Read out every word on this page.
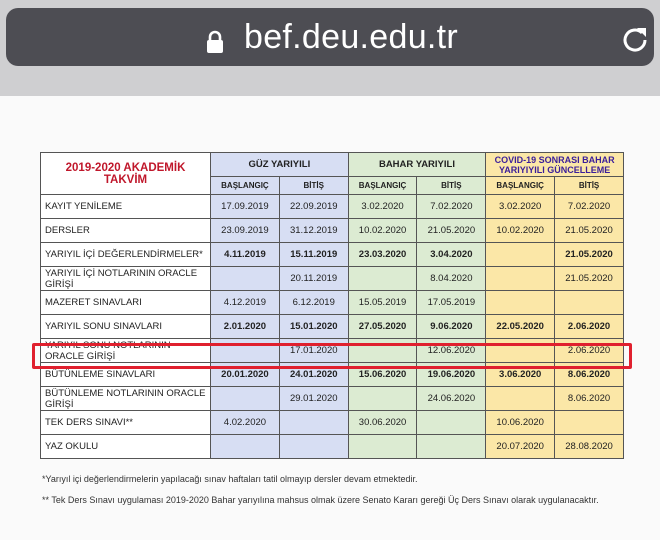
bef.deu.edu.tr
2019-2020 AKADEMİK TAKVİM	GÜZ YARIYILI		BAHAR YARIYILI		COVID-19 SONRASI BAHAR YARIYIYILI GÜNCELLEME	
	BAŞLANGIÇ	BİTİŞ	BAŞLANGIÇ	BİTİŞ	BAŞLANGIÇ	BİTİŞ
KAYIT YENİLEME	17.09.2019	22.09.2019	3.02.2020	7.02.2020	3.02.2020	7.02.2020
DERSLER	23.09.2019	31.12.2019	10.02.2020	21.05.2020	10.02.2020	21.05.2020
YARIYIL İÇİ DEĞERLENDİRMELER*	4.11.2019	15.11.2019	23.03.2020	3.04.2020		21.05.2020
YARIYIL İÇİ NOTLARININ ORACLE GİRİŞİ		20.11.2019		8.04.2020		21.05.2020
MAZERET SINAVLARI	4.12.2019	6.12.2019	15.05.2019	17.05.2019		
YARIYIL SONU SINAVLARI	2.01.2020	15.01.2020	27.05.2020	9.06.2020	22.05.2020	2.06.2020
YARIYIL SONU NOTLARININ ORACLE GİRİŞİ		17.01.2020		12.06.2020		2.06.2020
BÜTÜNLEME SINAVLARI	20.01.2020	24.01.2020	15.06.2020	19.06.2020	3.06.2020	8.06.2020
BÜTÜNLEME NOTLARININ ORACLE GİRİŞİ		29.01.2020		24.06.2020		8.06.2020
TEK DERS SINAVI**	4.02.2020		30.06.2020		10.06.2020	
YAZ OKULU					20.07.2020	28.08.2020
*Yarıyıl içi değerlendirmelerin yapılacağı sınav haftaları tatil olmayıp dersler devam etmektedir.
** Tek Ders Sınavı uygulaması 2019-2020 Bahar yarıyılına mahsus olmak üzere Senato Kararı gereği Üç Ders Sınavı olarak uygulanacaktır.
